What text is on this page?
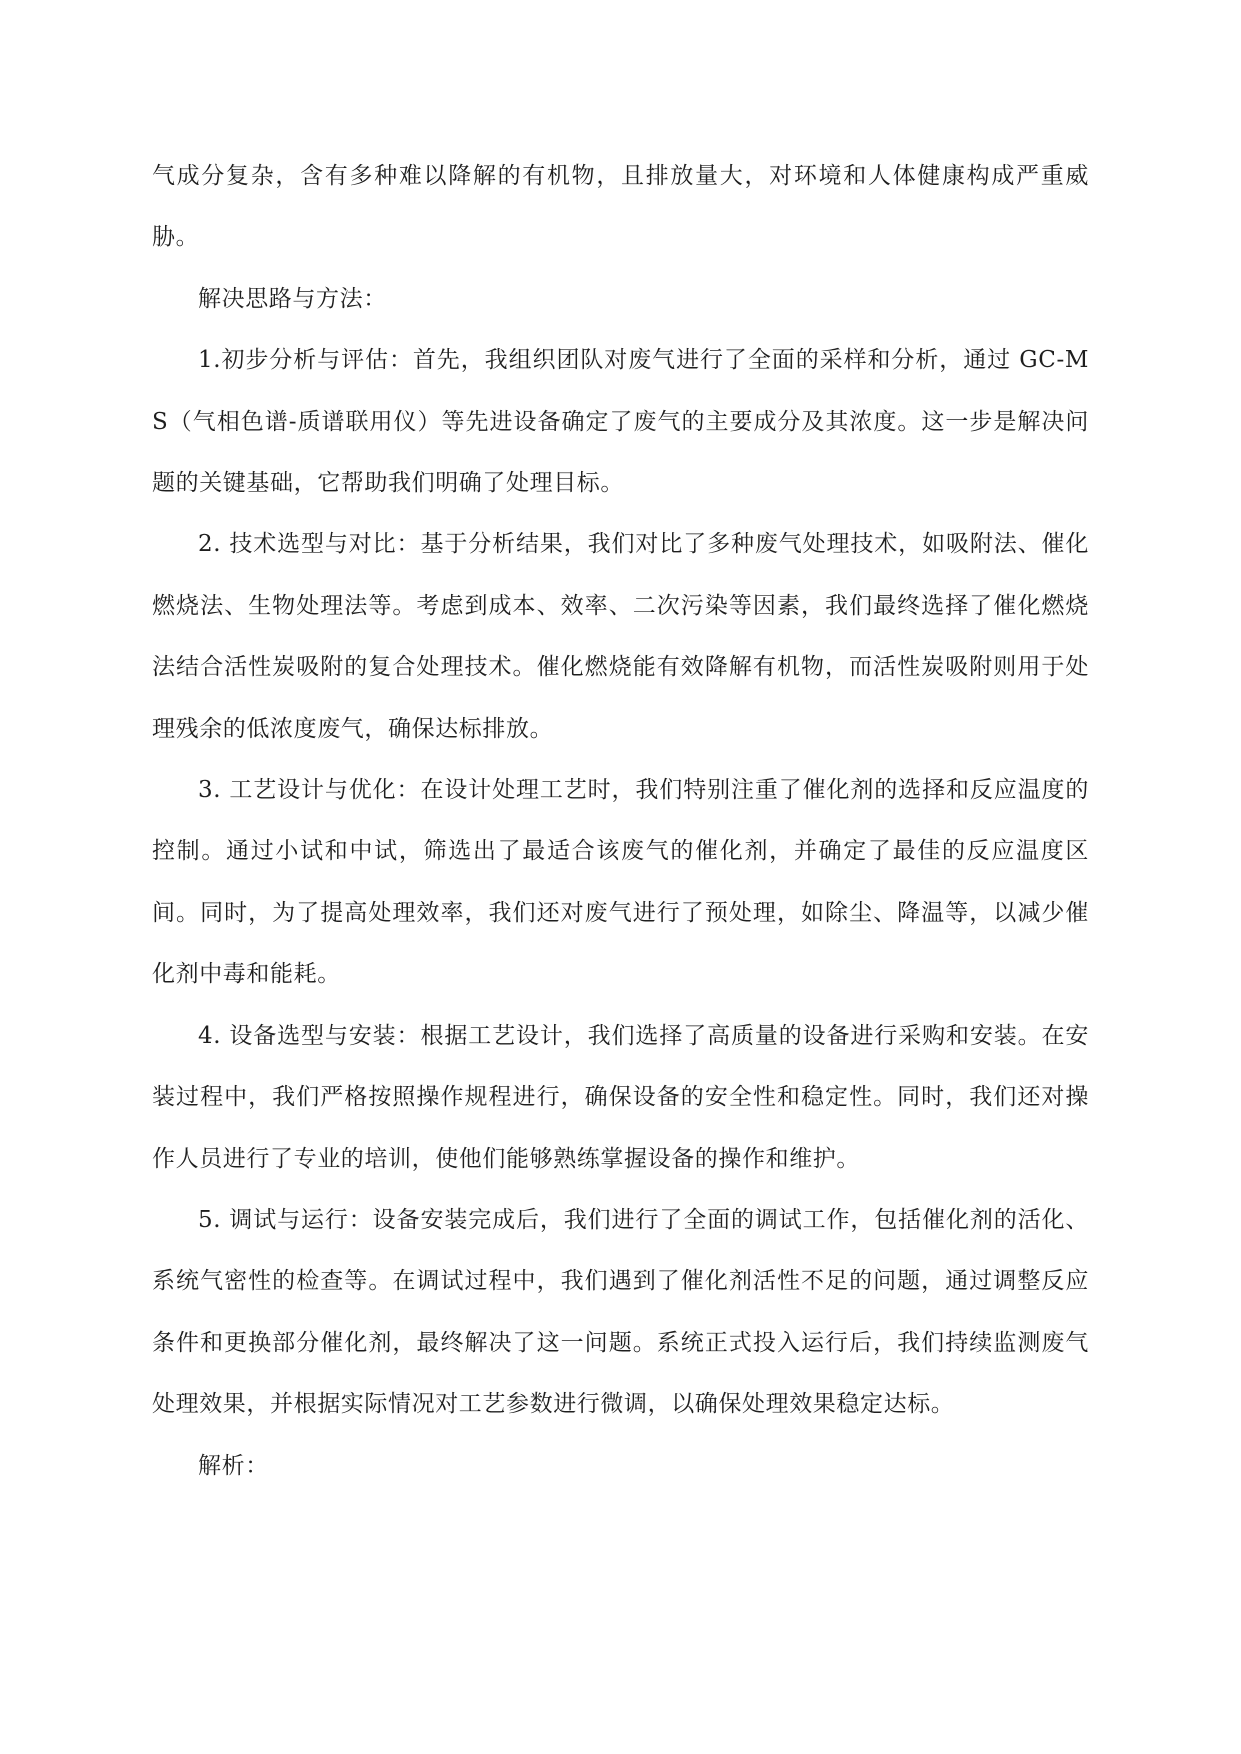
气成分复杂，含有多种难以降解的有机物，且排放量大，对环境和人体健康构成严重威胁。

解决思路与方法：

1.初步分析与评估：首先，我组织团队对废气进行了全面的采样和分析，通过 GC-MS（气相色谱-质谱联用仪）等先进设备确定了废气的主要成分及其浓度。这一步是解决问题的关键基础，它帮助我们明确了处理目标。

2. 技术选型与对比：基于分析结果，我们对比了多种废气处理技术，如吸附法、催化燃烧法、生物处理法等。考虑到成本、效率、二次污染等因素，我们最终选择了催化燃烧法结合活性炭吸附的复合处理技术。催化燃烧能有效降解有机物，而活性炭吸附则用于处理残余的低浓度废气，确保达标排放。

3. 工艺设计与优化：在设计处理工艺时，我们特别注重了催化剂的选择和反应温度的控制。通过小试和中试，筛选出了最适合该废气的催化剂，并确定了最佳的反应温度区间。同时，为了提高处理效率，我们还对废气进行了预处理，如除尘、降温等，以减少催化剂中毒和能耗。

4. 设备选型与安装：根据工艺设计，我们选择了高质量的设备进行采购和安装。在安装过程中，我们严格按照操作规程进行，确保设备的安全性和稳定性。同时，我们还对操作人员进行了专业的培训，使他们能够熟练掌握设备的操作和维护。

5. 调试与运行：设备安装完成后，我们进行了全面的调试工作，包括催化剂的活化、系统气密性的检查等。在调试过程中，我们遇到了催化剂活性不足的问题，通过调整反应条件和更换部分催化剂，最终解决了这一问题。系统正式投入运行后，我们持续监测废气处理效果，并根据实际情况对工艺参数进行微调，以确保处理效果稳定达标。

解析：
